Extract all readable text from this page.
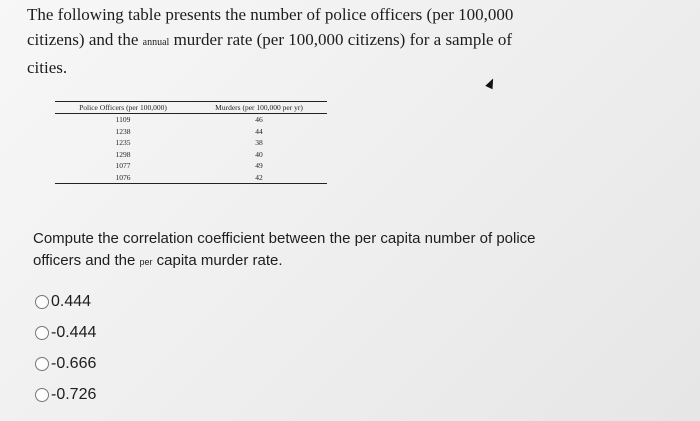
The following table presents the number of police officers (per 100,000 citizens) and the annual murder rate (per 100,000 citizens) for a sample of cities.
Police Officers (per 100,000)	Murders (per 100,000 per yr)
1109	46
1238	44
1235	38
1298	40
1077	49
1076	42
Compute the correlation coefficient between the per capita number of police officers and the per capita murder rate.
0.444
-0.444
-0.666
-0.726
